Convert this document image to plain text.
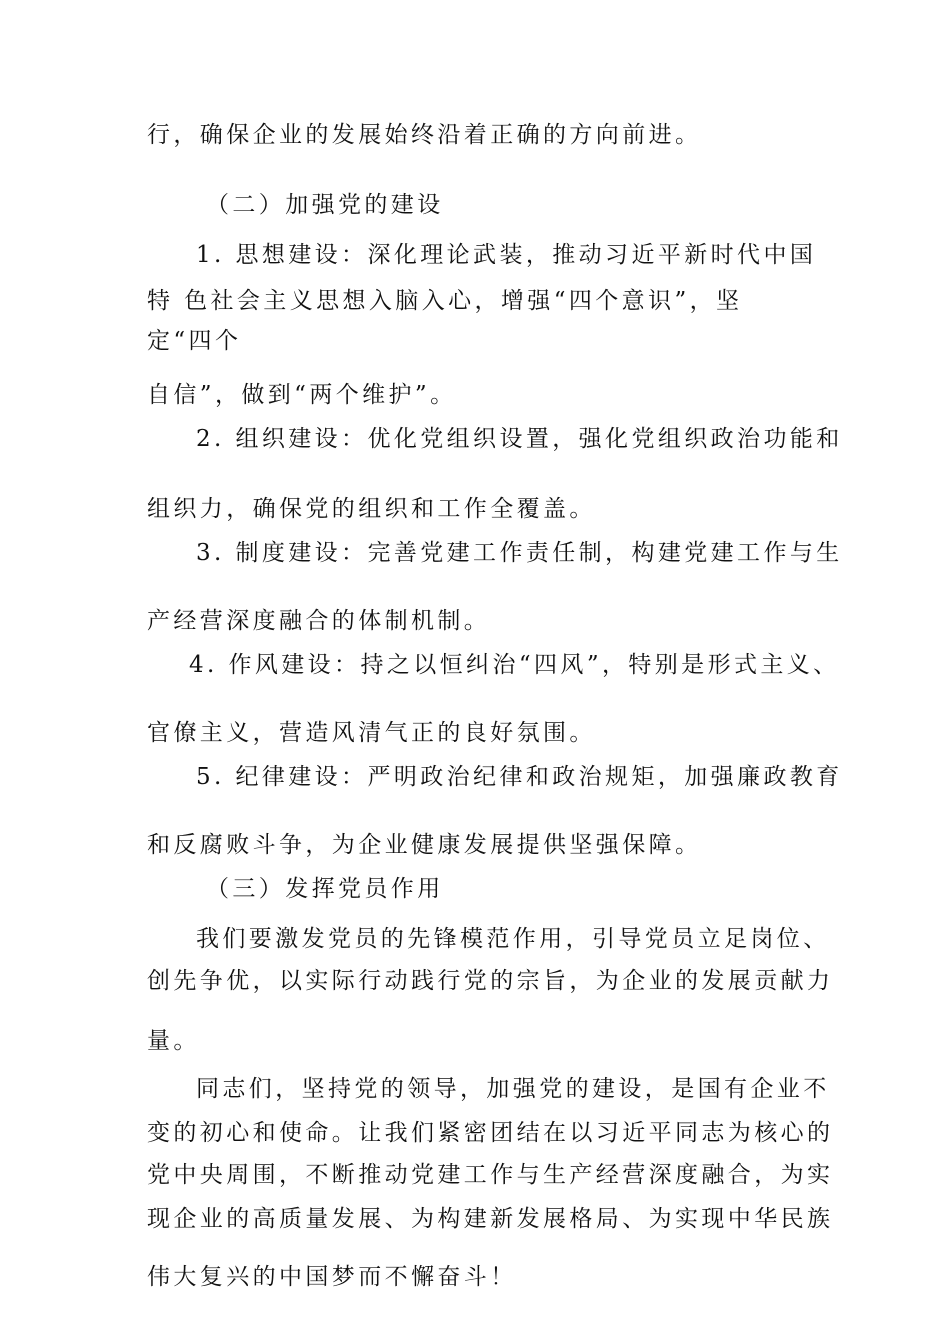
行，确保企业的发展始终沿着正确的方向前进。

（二）加强党的建设

1. 思想建设：深化理论武装，推动习近平新时代中国

特 色社会主义思想入脑入心，增强“四个意识”，坚

定“四个

自信”，做到“两个维护”。

2. 组织建设：优化党组织设置，强化党组织政治功能和

组织力，确保党的组织和工作全覆盖。

3. 制度建设：完善党建工作责任制，构建党建工作与生

产经营深度融合的体制机制。

4. 作风建设：持之以恒纠治“四风”，特别是形式主义、

官僚主义，营造风清气正的良好氛围。

5. 纪律建设：严明政治纪律和政治规矩，加强廉政教育

和反腐败斗争，为企业健康发展提供坚强保障。

（三）发挥党员作用

我们要激发党员的先锋模范作用，引导党员立足岗位、

创先争优，以实际行动践行党的宗旨，为企业的发展贡献力

量。

同志们，坚持党的领导，加强党的建设，是国有企业不

变的初心和使命。让我们紧密团结在以习近平同志为核心的

党中央周围，不断推动党建工作与生产经营深度融合，为实

现企业的高质量发展、为构建新发展格局、为实现中华民族

伟大复兴的中国梦而不懈奋斗！
